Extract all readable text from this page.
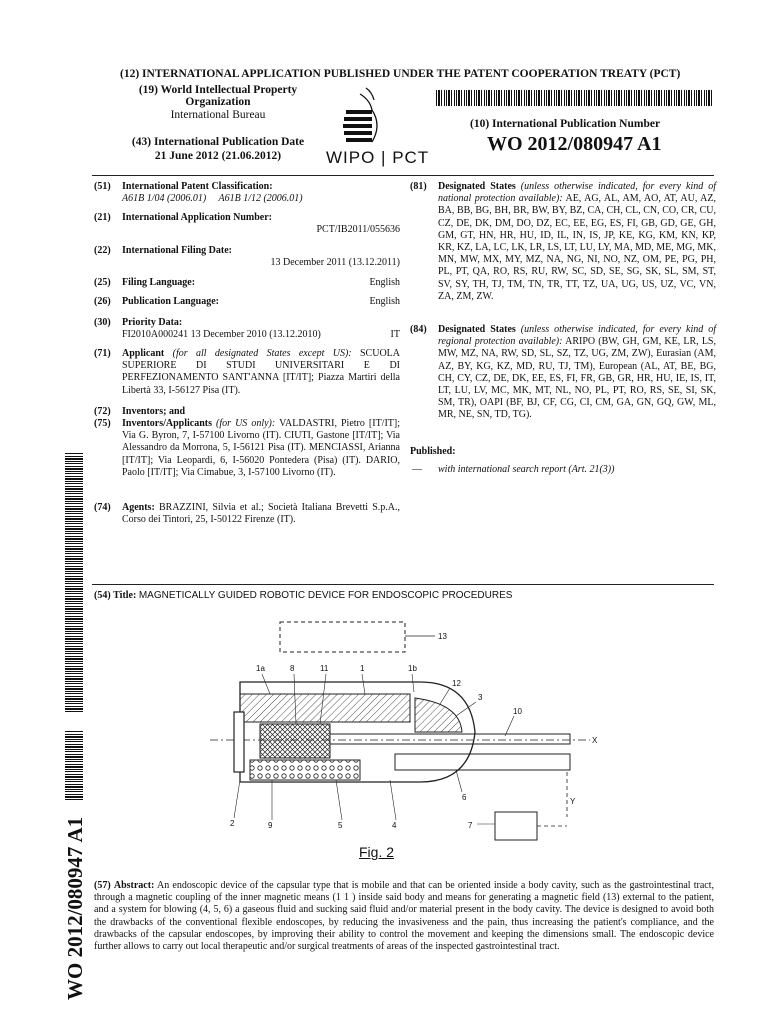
(12) INTERNATIONAL APPLICATION PUBLISHED UNDER THE PATENT COOPERATION TREATY (PCT)
(19) World Intellectual Property
Organization
International Bureau
(43) International Publication Date
21 June 2012 (21.06.2012)	WIPO | PCT
(10) International Publication Number
WO 2012/080947 A1
(51)	International Patent Classification:
A61B 1/04 (2006.01)     A61B 1/12 (2006.01)
(21)	International Application Number:

PCT/IB2011/055636
(22)	International Filing Date:

13 December 2011 (13.12.2011)
(25)	Filing Language:	English
(26)	Publication Language:	English
(30)	Priority Data:
FI2010A000241 13 December 2010 (13.12.2010)	IT
(71)	Applicant (for all designated States except US): SCUOLA SUPERIORE DI STUDI UNIVERSITARI E DI PERFEZIONAMENTO SANT'ANNA [IT/IT]; Piazza Martiri della Libertà 33, I-56127 Pisa (IT).
(72)	Inventors; and
(75)	Inventors/Applicants (for US only): VALDASTRI, Pietro [IT/IT]; Via G. Byron, 7, I-57100 Livorno (IT). CIUTI, Gastone [IT/IT]; Via Alessandro da Morrona, 5, I-56121 Pisa (IT). MENCIASSI, Arianna [IT/IT]; Via Leopardi, 6, I-56020 Pontedera (Pisa) (IT). DARIO, Paolo [IT/IT]; Via Cimabue, 3, I-57100 Livorno (IT).
(74)	Agents: BRAZZINI, Silvia et al.; Società Italiana Brevetti S.p.A., Corso dei Tintori, 25, I-50122 Firenze (IT).
(81)	Designated States (unless otherwise indicated, for every kind of national protection available): AE, AG, AL, AM, AO, AT, AU, AZ, BA, BB, BG, BH, BR, BW, BY, BZ, CA, CH, CL, CN, CO, CR, CU, CZ, DE, DK, DM, DO, DZ, EC, EE, EG, ES, FI, GB, GD, GE, GH, GM, GT, HN, HR, HU, ID, IL, IN, IS, JP, KE, KG, KM, KN, KP, KR, KZ, LA, LC, LK, LR, LS, LT, LU, LY, MA, MD, ME, MG, MK, MN, MW, MX, MY, MZ, NA, NG, NI, NO, NZ, OM, PE, PG, PH, PL, PT, QA, RO, RS, RU, RW, SC, SD, SE, SG, SK, SL, SM, ST, SV, SY, TH, TJ, TM, TN, TR, TT, TZ, UA, UG, US, UZ, VC, VN, ZA, ZM, ZW.
(84)	Designated States (unless otherwise indicated, for every kind of regional protection available): ARIPO (BW, GH, GM, KE, LR, LS, MW, MZ, NA, RW, SD, SL, SZ, TZ, UG, ZM, ZW), Eurasian (AM, AZ, BY, KG, KZ, MD, RU, TJ, TM), European (AL, AT, BE, BG, CH, CY, CZ, DE, DK, EE, ES, FI, FR, GB, GR, HR, HU, IE, IS, IT, LT, LU, LV, MC, MK, MT, NL, NO, PL, PT, RO, RS, SE, SI, SK, SM, TR), OAPI (BF, BJ, CF, CG, CI, CM, GA, GN, GQ, GW, ML, MR, NE, SN, TD, TG).
Published:
— with international search report (Art. 21(3))
WO 2012/080947 A1
(54) Title: MAGNETICALLY GUIDED ROBOTIC DEVICE FOR ENDOSCOPIC PROCEDURES
13
1a	8	11	1	1b
12
3
10
X
6	Y
2	9	5	4	7
Fig. 2
(57) Abstract: An endoscopic device of the capsular type that is mobile and that can be oriented inside a body cavity, such as the gastrointestinal tract, through a magnetic coupling of the inner magnetic means (1 1 ) inside said body and means for generating a magnetic field (13) external to the patient, and a system for blowing (4, 5, 6) a gaseous fluid and sucking said fluid and/or material present in the body cavity. The device is designed to avoid both the drawbacks of the conventional flexible endoscopes, by reducing the invasiveness and the pain, thus increasing the patient's compliance, and the drawbacks of the capsular endoscopes, by improving their ability to control the movement and keeping the dimensions small. The endoscopic device further allows to carry out local therapeutic and/or surgical treatments of areas of the inspected gastrointestinal tract.
